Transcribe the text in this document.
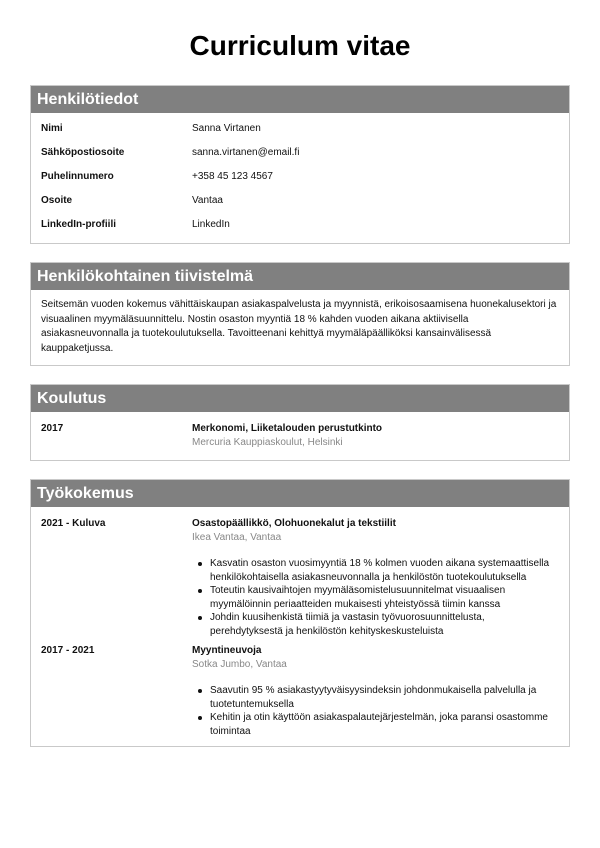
Curriculum vitae
Henkilötiedot
Nimi	Sanna Virtanen
Sähköpostiosoite	sanna.virtanen@email.fi
Puhelinnumero	+358 45 123 4567
Osoite	Vantaa
LinkedIn-profiili	LinkedIn
Henkilökohtainen tiivistelmä
Seitsemän vuoden kokemus vähittäiskaupan asiakaspalvelusta ja myynnistä, erikoisosaamisena huonekalusektori ja visuaalinen myymäläsuunnittelu. Nostin osaston myyntiä 18 % kahden vuoden aikana aktiivisella asiakasneuvonnalla ja tuotekoulutuksella. Tavoitteenani kehittyä myymäläpäälliköksi kansainvälisessä kauppaketjussa.
Koulutus
2017	Merkonomi, Liiketalouden perustutkinto
Mercuria Kauppiaskoulut, Helsinki
Työkokemus
2021 - Kuluva	Osastopäällikkö, Olohuonekalut ja tekstiilit
Ikea Vantaa, Vantaa
Kasvatin osaston vuosimyyntiä 18 % kolmen vuoden aikana systemaattisella henkilökohtaisella asiakasneuvonnalla ja henkilöstön tuotekoulutuksella
Toteutin kausivaihtojen myymäläsomistelusuunnitelmat visuaalisen myymälöinnin periaatteiden mukaisesti yhteistyössä tiimin kanssa
Johdin kuusihenkistä tiimiä ja vastasin työvuorosuunnittelusta, perehdytyksestä ja henkilöstön kehityskeskusteluista
2017 - 2021	Myyntineuvoja
Sotka Jumbo, Vantaa
Saavutin 95 % asiakastyytyväisyysindeksin johdonmukaisella palvelulla ja tuotetuntemuksella
Kehitin ja otin käyttöön asiakaspalautejärjestelmän, joka paransi osastomme toimintaa
